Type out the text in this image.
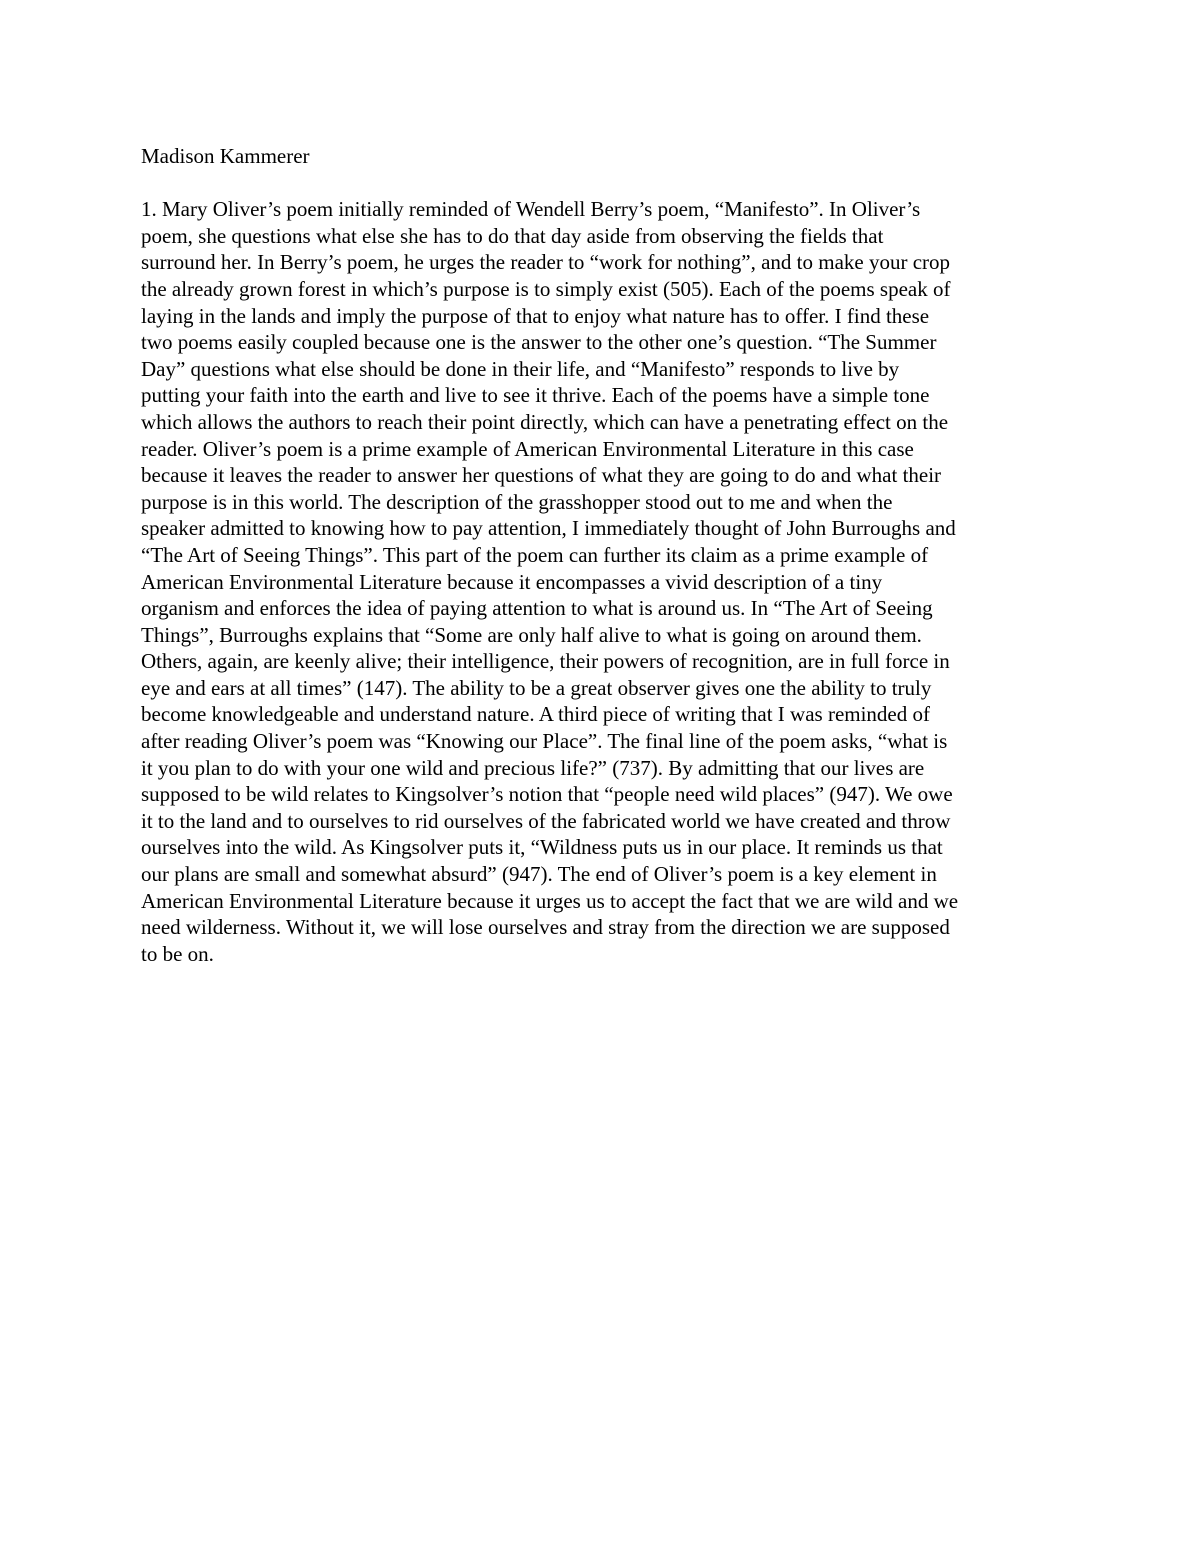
Madison Kammerer

1. Mary Oliver’s poem initially reminded of Wendell Berry’s poem, “Manifesto”. In Oliver’s
poem, she questions what else she has to do that day aside from observing the fields that
surround her. In Berry’s poem, he urges the reader to “work for nothing”, and to make your crop
the already grown forest in which’s purpose is to simply exist (505). Each of the poems speak of
laying in the lands and imply the purpose of that to enjoy what nature has to offer. I find these
two poems easily coupled because one is the answer to the other one’s question. “The Summer
Day” questions what else should be done in their life, and “Manifesto” responds to live by
putting your faith into the earth and live to see it thrive. Each of the poems have a simple tone
which allows the authors to reach their point directly, which can have a penetrating effect on the
reader. Oliver’s poem is a prime example of American Environmental Literature in this case
because it leaves the reader to answer her questions of what they are going to do and what their
purpose is in this world. The description of the grasshopper stood out to me and when the
speaker admitted to knowing how to pay attention, I immediately thought of John Burroughs and
“The Art of Seeing Things”. This part of the poem can further its claim as a prime example of
American Environmental Literature because it encompasses a vivid description of a tiny
organism and enforces the idea of paying attention to what is around us. In “The Art of Seeing
Things”, Burroughs explains that “Some are only half alive to what is going on around them.
Others, again, are keenly alive; their intelligence, their powers of recognition, are in full force in
eye and ears at all times” (147). The ability to be a great observer gives one the ability to truly
become knowledgeable and understand nature. A third piece of writing that I was reminded of
after reading Oliver’s poem was “Knowing our Place”. The final line of the poem asks, “what is
it you plan to do with your one wild and precious life?” (737). By admitting that our lives are
supposed to be wild relates to Kingsolver’s notion that “people need wild places” (947). We owe
it to the land and to ourselves to rid ourselves of the fabricated world we have created and throw
ourselves into the wild. As Kingsolver puts it, “Wildness puts us in our place. It reminds us that
our plans are small and somewhat absurd” (947). The end of Oliver’s poem is a key element in
American Environmental Literature because it urges us to accept the fact that we are wild and we
need wilderness. Without it, we will lose ourselves and stray from the direction we are supposed
to be on.
